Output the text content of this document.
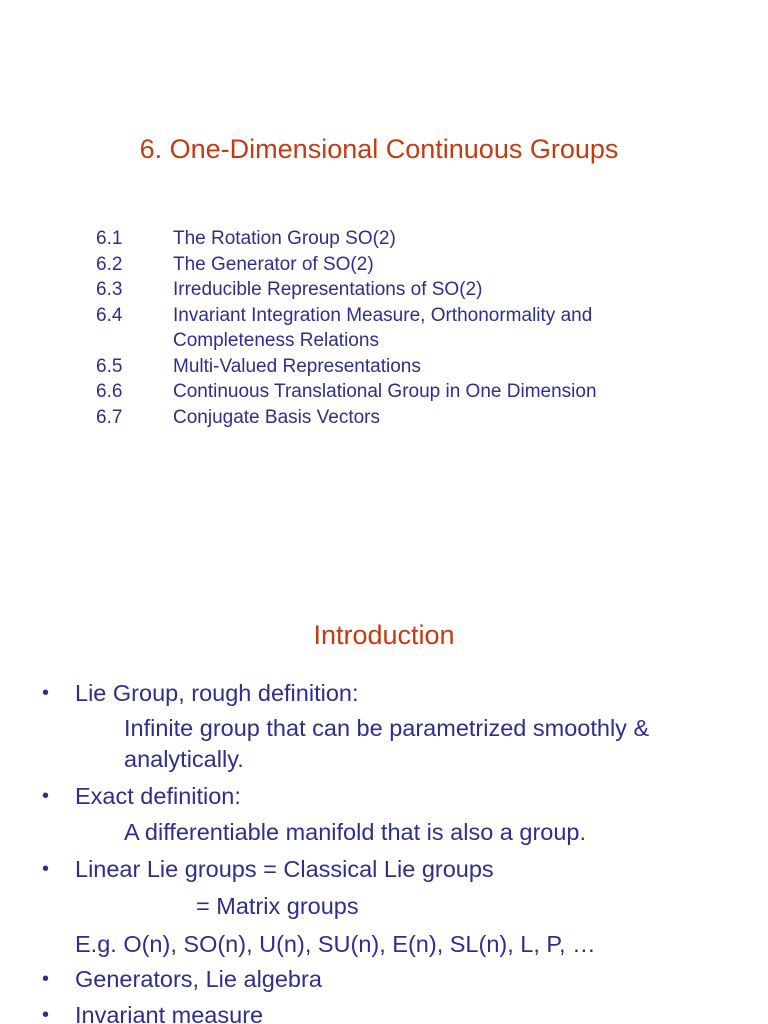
6. One-Dimensional Continuous Groups
6.1	The Rotation Group SO(2)
6.2	The Generator of SO(2)
6.3	Irreducible Representations of SO(2)
6.4	Invariant Integration Measure, Orthonormality and
Completeness Relations
6.5	Multi-Valued Representations
6.6	Continuous Translational Group in One Dimension
6.7	Conjugate Basis Vectors
Introduction
• Lie Group, rough definition:
Infinite group that can be parametrized smoothly &
analytically.
• Exact definition:
A differentiable manifold that is also a group.
• Linear Lie groups = Classical Lie groups
= Matrix groups
E.g. O(n), SO(n), U(n), SU(n), E(n), SL(n), L, P, …
• Generators, Lie algebra
• Invariant measure
